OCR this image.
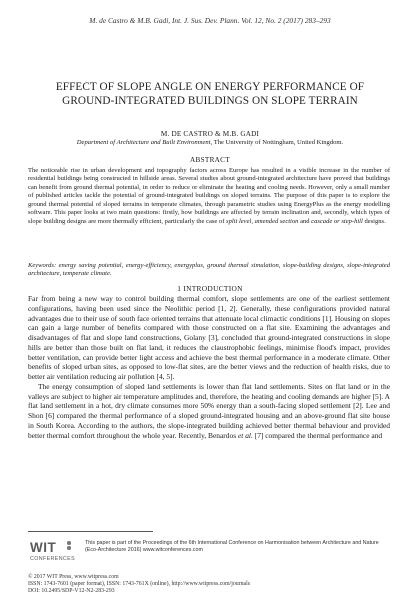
M. de Castro & M.B. Gadi, Int. J. Sus. Dev. Plann. Vol. 12, No. 2 (2017) 283–293
EFFECT OF SLOPE ANGLE ON ENERGY PERFORMANCE OF GROUND-INTEGRATED BUILDINGS ON SLOPE TERRAIN
M. DE CASTRO & M.B. GADI
Department of Architecture and Built Environment, The University of Nottingham, United Kingdom.
ABSTRACT
The noticeable rise in urban development and topography factors across Europe has resulted in a visible increase in the number of residential buildings being constructed in hillside areas. Several studies about ground-integrated architecture have proved that buildings can benefit from ground thermal potential, in order to reduce or eliminate the heating and cooling needs. However, only a small number of published articles tackle the potential of ground-integrated buildings on sloped terrains. The purpose of this paper is to explore the ground thermal potential of sloped terrains in temperate climates, through parametric studies using EnergyPlus as the energy modelling software. This paper looks at two main questions: firstly, how buildings are affected by terrain inclination and, secondly, which types of slope building designs are more thermally efficient, particularly the case of split level, amended section and cascade or step-hill designs.
Keywords: energy saving potential, energy-efficiency, energyplus, ground thermal simulation, slope-building designs, slope-integrated architecture, temperate climate.
1 INTRODUCTION

Far from being a new way to control building thermal comfort, slope settlements are one of the earliest settlement configurations, having been used since the Neolithic period [1, 2]. Generally, these configurations provided natural advantages due to their use of south face oriented terrains that attenuate local climactic conditions [1]. Housing on slopes can gain a large number of benefits compared with those constructed on a flat site. Examining the advantages and disadvantages of flat and slope land constructions, Golany [3], concluded that ground-integrated constructions in slope hills are better than those built on flat land, it reduces the claustrophobic feelings, minimise flood's impact, provides better ventilation, can provide better light access and achieve the best thermal performance in a moderate climate. Other benefits of sloped urban sites, as opposed to low-flat sites, are the better views and the reduction of health risks, due to better air ventilation reducing air pollution [4, 5].

The energy consumption of sloped land settlements is lower than flat land settlements. Sites on flat land or in the valleys are subject to higher air temperature amplitudes and, therefore, the heating and cooling demands are higher [5]. A flat land settlement in a hot, dry climate consumes more 50% energy than a south-facing sloped settlement [2]. Lee and Shon [6] compared the thermal performance of a sloped ground-integrated housing and an above-ground flat site house in South Korea. According to the authors, the slope-integrated building achieved better thermal behaviour and provided better thermal comfort throughout the whole year. Recently, Benardos et al. [7] compared the thermal performance and

WIT
CONFERENCES
This paper is part of the Proceedings of the 6th International Conference on Harmonisation between Architecture and Nature (Eco-Architecture 2016) www.witconferences.com
© 2017 WIT Press, www.witpress.com
ISSN: 1743-7601 (paper format), ISSN: 1743-761X (online), http://www.witpress.com/journals
DOI: 10.2495/SDP-V12-N2-283-293
